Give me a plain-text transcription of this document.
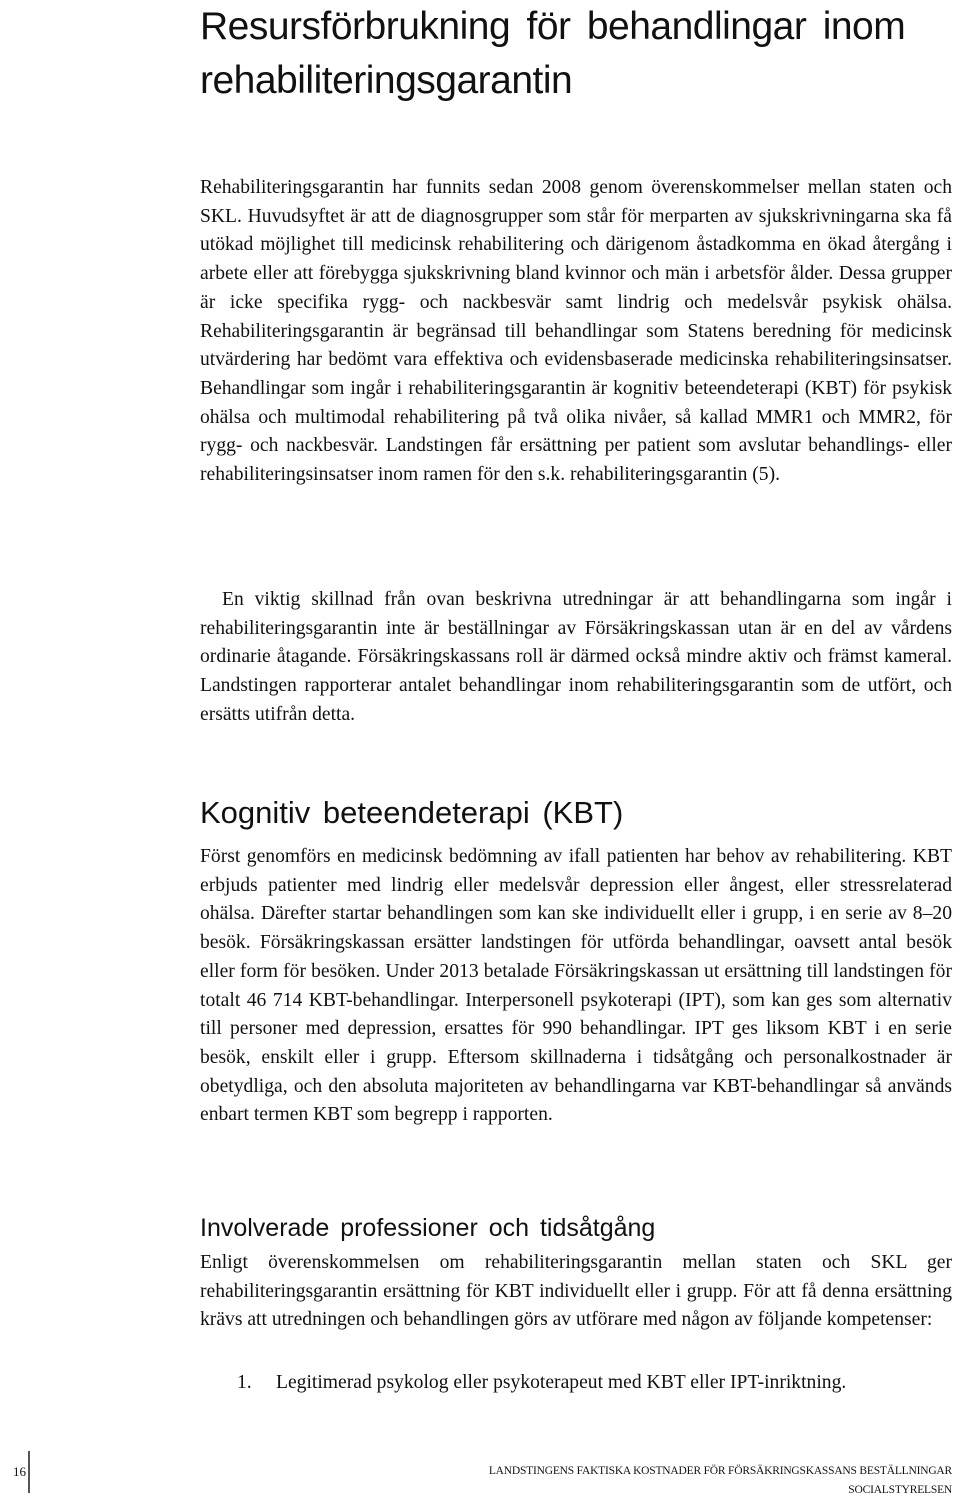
Resursförbrukning för behandlingar inom rehabiliteringsgarantin

Rehabiliteringsgarantin har funnits sedan 2008 genom överenskommelser mellan staten och SKL. Huvudsyftet är att de diagnosgrupper som står för merparten av sjukskrivningarna ska få utökad möjlighet till medicinsk rehabilitering och därigenom åstadkomma en ökad återgång i arbete eller att förebygga sjukskrivning bland kvinnor och män i arbetsför ålder. Dessa grupper är icke specifika rygg- och nackbesvär samt lindrig och medelsvår psykisk ohälsa. Rehabiliteringsgarantin är begränsad till behandlingar som Statens beredning för medicinsk utvärdering har bedömt vara effektiva och evidensbaserade medicinska rehabiliteringsinsatser. Behandlingar som ingår i rehabiliteringsgarantin är kognitiv beteendeterapi (KBT) för psykisk ohälsa och multimodal rehabilitering på två olika nivåer, så kallad MMR1 och MMR2, för rygg- och nackbesvär. Landstingen får ersättning per patient som avslutar behandlings- eller rehabiliteringsinsatser inom ramen för den s.k. rehabiliteringsgarantin (5).

En viktig skillnad från ovan beskrivna utredningar är att behandlingarna som ingår i rehabiliteringsgarantin inte är beställningar av Försäkringskassan utan är en del av vårdens ordinarie åtagande. Försäkringskassans roll är därmed också mindre aktiv och främst kameral. Landstingen rapporterar antalet behandlingar inom rehabiliteringsgarantin som de utfört, och ersätts utifrån detta.

Kognitiv beteendeterapi (KBT)

Först genomförs en medicinsk bedömning av ifall patienten har behov av rehabilitering. KBT erbjuds patienter med lindrig eller medelsvår depression eller ångest, eller stressrelaterad ohälsa. Därefter startar behandlingen som kan ske individuellt eller i grupp, i en serie av 8–20 besök. Försäkringskassan ersätter landstingen för utförda behandlingar, oavsett antal besök eller form för besöken. Under 2013 betalade Försäkringskassan ut ersättning till landstingen för totalt 46 714 KBT-behandlingar. Interpersonell psykoterapi (IPT), som kan ges som alternativ till personer med depression, ersattes för 990 behandlingar. IPT ges liksom KBT i en serie besök, enskilt eller i grupp. Eftersom skillnaderna i tidsåtgång och personalkostnader är obetydliga, och den absoluta majoriteten av behandlingarna var KBT-behandlingar så används enbart termen KBT som begrepp i rapporten.

Involverade professioner och tidsåtgång

Enligt överenskommelsen om rehabiliteringsgarantin mellan staten och SKL ger rehabiliteringsgarantin ersättning för KBT individuellt eller i grupp. För att få denna ersättning krävs att utredningen och behandlingen görs av utförare med någon av följande kompetenser:

1. Legitimerad psykolog eller psykoterapeut med KBT eller IPT-inriktning.
16	LANDSTINGENS FAKTISKA KOSTNADER FÖR FÖRSÄKRINGSKASSANS BESTÄLLNINGAR
SOCIALSTYRELSEN
